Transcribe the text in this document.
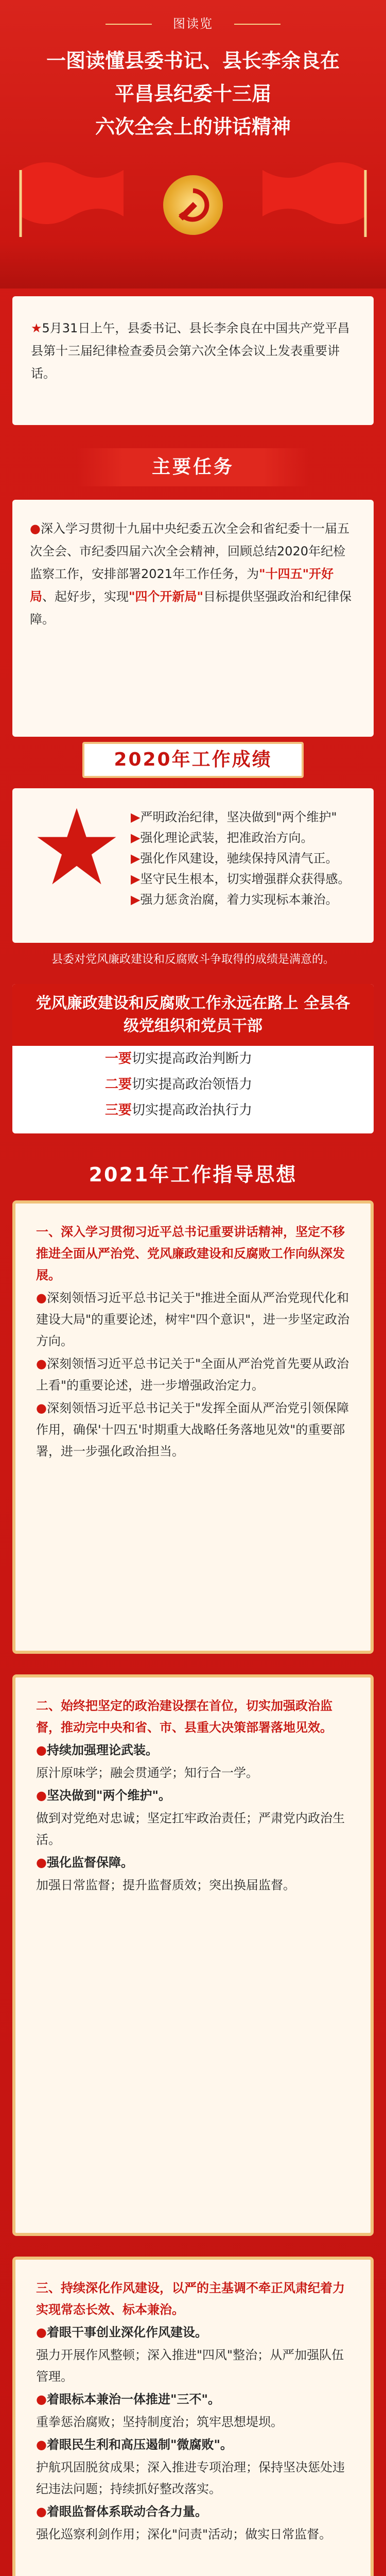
图读览
一图读懂县委书记、县长李余良在
平昌县纪委十三届
六次全会上的讲话精神

★5月31日上午，县委书记、县长李余良在中国共产党平昌县第十三届纪律检查委员会第六次全体会议上发表重要讲话。

主要任务

●深入学习贯彻十九届中央纪委五次全会和省纪委十一届五次全会、市纪委四届六次全会精神，回顾总结2020年纪检监察工作，安排部署2021年工作任务，为"十四五"开好局、起好步，实现"四个开新局"目标提供坚强政治和纪律保障。

2020年工作成绩

▶严明政治纪律，坚决做到"两个维护"

▶强化理论武装，把准政治方向。

▶强化作风建设，驰续保持风清气正。

▶坚守民生根本，切实增强群众获得感。

▶强力惩贪治腐，着力实现标本兼治。

县委对党风廉政建设和反腐败斗争取得的成绩是满意的。
党风廉政建设和反腐败工作永远在路上 全县各级党组织和党员干部
一要切实提高政治判断力
二要切实提高政治领悟力
三要切实提高政治执行力
2021年工作指导思想

一、深入学习贯彻习近平总书记重要讲话精神，坚定不移推进全面从严治党、党风廉政建设和反腐败工作向纵深发展。

●深刻领悟习近平总书记关于"推进全面从严治党现代化和建设大局"的重要论述，树牢"四个意识"，进一步坚定政治方向。

●深刻领悟习近平总书记关于"全面从严治党首先要从政治上看"的重要论述，进一步增强政治定力。

●深刻领悟习近平总书记关于"发挥全面从严治党引领保障作用，确保'十四五'时期重大战略任务落地见效"的重要部署，进一步强化政治担当。

二、始终把坚定的政治建设摆在首位，切实加强政治监督，推动完中央和省、市、县重大决策部署落地见效。

●持续加强理论武装。

原汁原味学；融会贯通学；知行合一学。

●坚决做到"两个维护"。

做到对党绝对忠诚；坚定扛牢政治责任；严肃党内政治生活。

●强化监督保障。

加强日常监督；提升监督质效；突出换届监督。

三、持续深化作风建设，以严的主基调不牵正风肃纪着力实现常态长效、标本兼治。

●着眼干事创业深化作风建设。

强力开展作风整顿；深入推进"四风"整治；从严加强队伍管理。

●着眼标本兼治一体推进"三不"。

重拳惩治腐败；坚持制度治；筑牢思想堤坝。

●着眼民生利和高压遏制"微腐败"。

护航巩固脱贫成果；深入推进专项治理；保持坚决惩处违纪违法问题；持续抓好整改落实。

●着眼监督体系联动合各力量。

强化巡察利剑作用；深化"问责"活动；做实日常监督。
